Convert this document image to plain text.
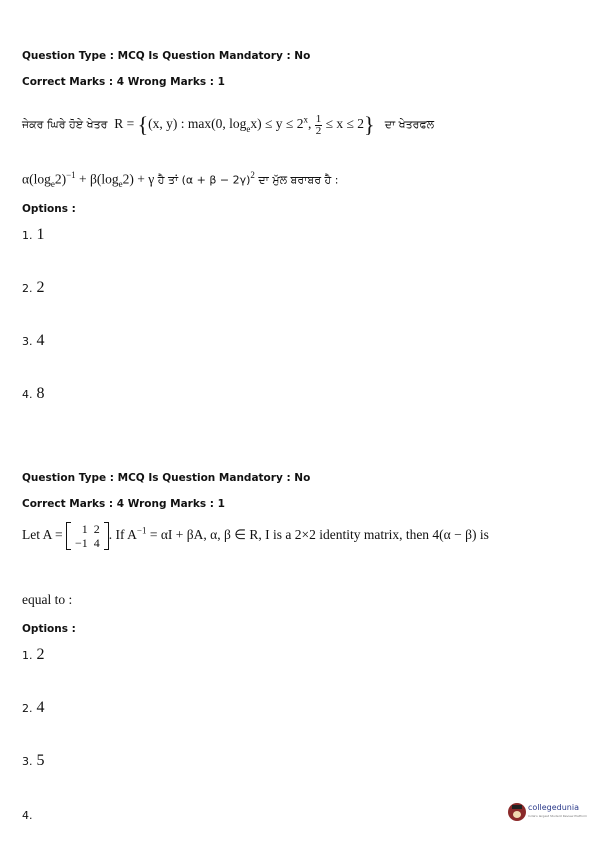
Question Type : MCQ Is Question Mandatory : No
Correct Marks : 4 Wrong Marks : 1
ਜੇਕਰ ਘਿਰੇ ਹੋਏ ਖੇਤਰ R = {(x, y) : max(0, $\log_ex) \le y \le 2^x$, $\frac{1}{2} \le x \le 2$} ਦਾ ਖੇਤਰਫਲ
$\alpha(\log_e2)^{-1} + \beta(\log_e2) + \gamma$ ਹੈ ਤਾਂ $(\alpha + \beta - 2\gamma)^2$ ਦਾ ਮੁੱਲ ਬਰਾਬਰ ਹੈ :
Options :
1. 1
2. 2
3. 4
4. 8
Question Type : MCQ Is Question Mandatory : No
Correct Marks : 4 Wrong Marks : 1
Let A = 1	2
−1	4
. If $A^{-1} = \alpha I + \beta A$, α, β ∈ R, I is a 2×2 identity matrix, then 4(α − β) is
equal to :
Options :
1. 2
2. 4
3. 5
4.
collegedunia
India's largest Student Review Platform
